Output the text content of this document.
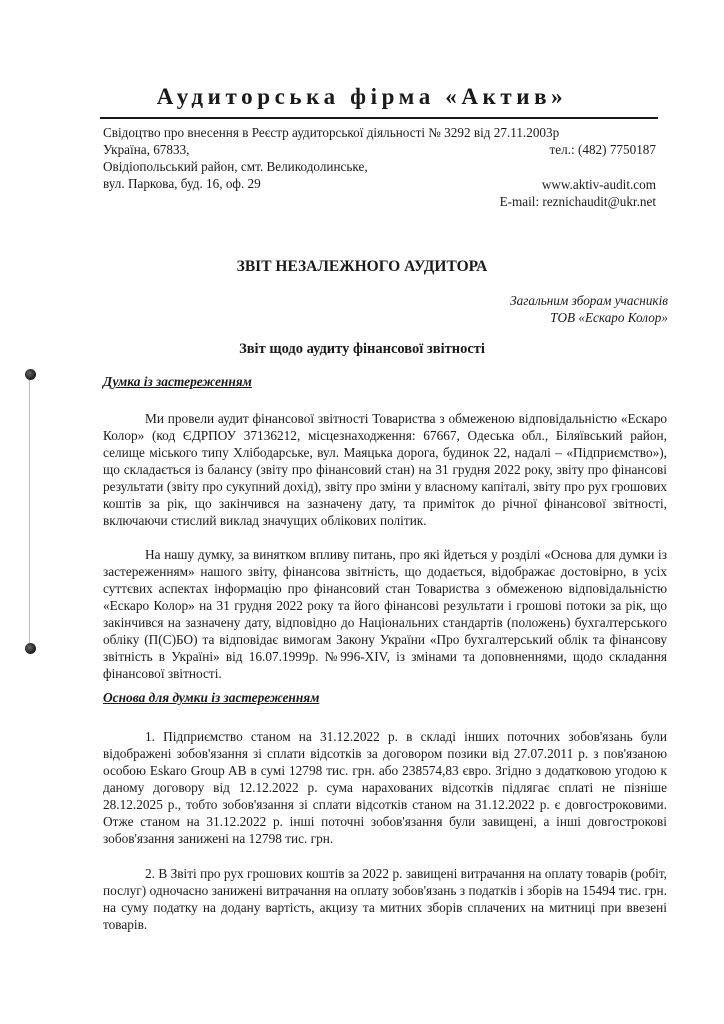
Аудиторська фірма «Актив»
Свідоцтво про внесення в Реєстр аудиторської діяльності № 3292 від 27.11.2003р
Україна, 67833,	тел.: (482) 7750187
Овідіопольський район, смт. Великодолинське,
вул. Паркова, буд. 16, оф. 29	www.aktiv-audit.com
E-mail: reznichaudit@ukr.net
ЗВІТ НЕЗАЛЕЖНОГО АУДИТОРА
Загальним зборам учасників
ТОВ «Ескаро Колор»
Звіт щодо аудиту фінансової звітності
Думка із застереженням
Ми провели аудит фінансової звітності Товариства з обмеженою відповідальністю «Ескаро Колор» (код ЄДРПОУ 37136212, місцезнаходження: 67667, Одеська обл., Біляївський район, селище міського типу Хлібодарське, вул. Маяцька дорога, будинок 22, надалі – «Підприємство»), що складається із балансу (звіту про фінансовий стан) на 31 грудня 2022 року, звіту про фінансові результати (звіту про сукупний дохід), звіту про зміни у власному капіталі, звіту про рух грошових коштів за рік, що закінчився на зазначену дату, та приміток до річної фінансової звітності, включаючи стислий виклад значущих облікових політик.
На нашу думку, за винятком впливу питань, про які йдеться у розділі «Основа для думки із застереженням» нашого звіту, фінансова звітність, що додається, відображає достовірно, в усіх суттєвих аспектах інформацію про фінансовий стан Товариства з обмеженою відповідальністю «Ескаро Колор» на 31 грудня 2022 року та його фінансові результати і грошові потоки за рік, що закінчився на зазначену дату, відповідно до Національних стандартів (положень) бухгалтерського обліку (П(С)БО) та відповідає вимогам Закону України «Про бухгалтерський облік та фінансову звітність в Україні» від 16.07.1999р. №996-XIV, із змінами та доповненнями, щодо складання фінансової звітності.
Основа для думки із застереженням
1. Підприємство станом на 31.12.2022 р. в складі інших поточних зобов'язань були відображені зобов'язання зі сплати відсотків за договором позики від 27.07.2011 р. з пов'язаною особою Eskaro Group AB в сумі 12798 тис. грн. або 238574,83 євро. Згідно з додатковою угодою к даному договору від 12.12.2022 р. сума нарахованих відсотків підлягає сплаті не пізніше 28.12.2025 р., тобто зобов'язання зі сплати відсотків станом на 31.12.2022 р. є довгостроковими. Отже станом на 31.12.2022 р. інші поточні зобов'язання були завищені, а інші довгострокові зобов'язання занижені на 12798 тис. грн.
2. В Звіті про рух грошових коштів за 2022 р. завищені витрачання на оплату товарів (робіт, послуг) одночасно занижені витрачання на оплату зобов'язань з податків і зборів на 15494 тис. грн. на суму податку на додану вартість, акцизу та митних зборів сплачених на митниці при ввезені товарів.
